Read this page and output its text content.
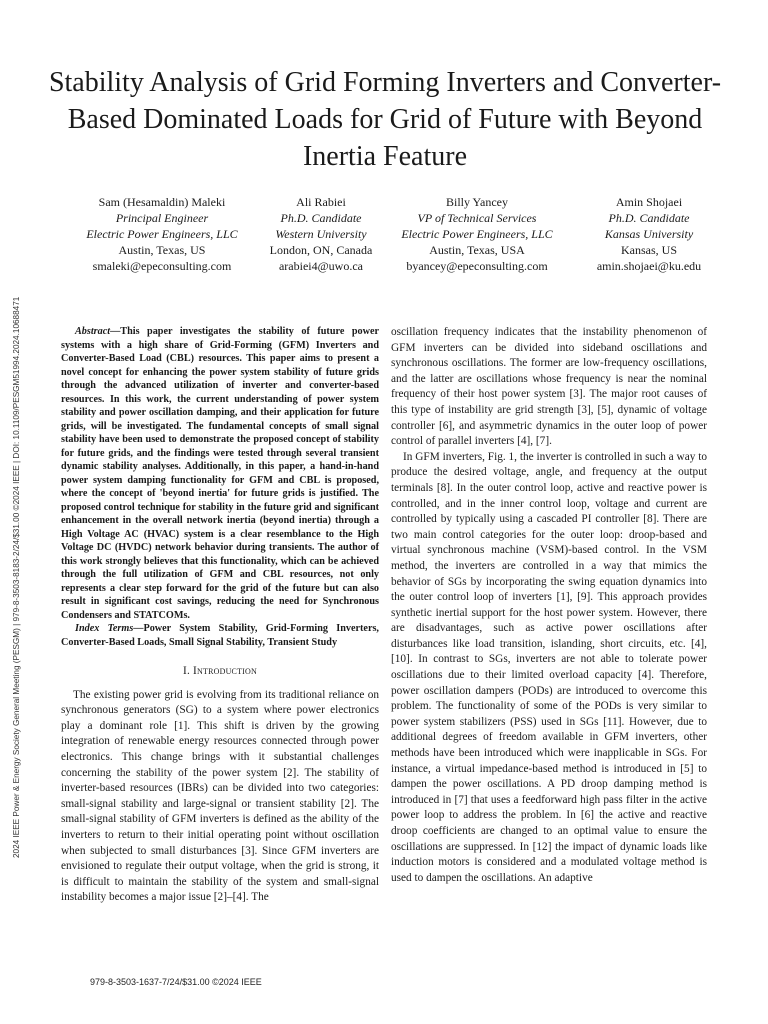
Stability Analysis of Grid Forming Inverters and Converter-Based Dominated Loads for Grid of Future with Beyond Inertia Feature
Sam (Hesamaldin) Maleki
Principal Engineer
Electric Power Engineers, LLC
Austin, Texas, US
smaleki@epeconsulting.com
Ali Rabiei
Ph.D. Candidate
Western University
London, ON, Canada
arabiei4@uwo.ca
Billy Yancey
VP of Technical Services
Electric Power Engineers, LLC
Austin, Texas, USA
byancey@epeconsulting.com
Amin Shojaei
Ph.D. Candidate
Kansas University
Kansas, US
amin.shojaei@ku.edu
2024 IEEE Power & Energy Society General Meeting (PESGM) | 979-8-3503-8183-2/24/$31.00 ©2024 IEEE | DOI: 10.1109/PESGM51994.2024.10688471	Abstract—This paper investigates the stability of future power systems with a high share of Grid-Forming (GFM) Inverters and Converter-Based Load (CBL) resources. This paper aims to present a novel concept for enhancing the power system stability of future grids through the advanced utilization of inverter and converter-based resources. In this work, the current understanding of power system stability and power oscillation damping, and their application for future grids, will be investigated. The fundamental concepts of small signal stability have been used to demonstrate the proposed concept of stability for future grids, and the findings were tested through several transient dynamic stability analyses. Additionally, in this paper, a hand-in-hand power system damping functionality for GFM and CBL is proposed, where the concept of 'beyond inertia' for future grids is justified. The proposed control technique for stability in the future grid and significant enhancement in the overall network inertia (beyond inertia) through a High Voltage AC (HVAC) system is a clear resemblance to the High Voltage DC (HVDC) network behavior during transients. The author of this work strongly believes that this functionality, which can be achieved through the full utilization of GFM and CBL resources, not only represents a clear step forward for the grid of the future but can also result in significant cost savings, reducing the need for Synchronous Condensers and STATCOMs.

Index Terms—Power System Stability, Grid-Forming Inverters, Converter-Based Loads, Small Signal Stability, Transient Study

I. Introduction

The existing power grid is evolving from its traditional reliance on synchronous generators (SG) to a system where power electronics play a dominant role [1]. This shift is driven by the growing integration of renewable energy resources connected through power electronics. This change brings with it substantial challenges concerning the stability of the power system [2]. The stability of inverter-based resources (IBRs) can be divided into two categories: small-signal stability and large-signal or transient stability [2]. The small-signal stability of GFM inverters is defined as the ability of the inverters to return to their initial operating point without oscillation when subjected to small disturbances [3]. Since GFM inverters are envisioned to regulate their output voltage, when the grid is strong, it is difficult to maintain the stability of the system and small-signal instability becomes a major issue [2]–[4]. The

oscillation frequency indicates that the instability phenomenon of GFM inverters can be divided into sideband oscillations and synchronous oscillations. The former are low-frequency oscillations, and the latter are oscillations whose frequency is near the nominal frequency of their host power system [3]. The major root causes of this type of instability are grid strength [3], [5], dynamic of voltage controller [6], and asymmetric dynamics in the outer loop of power control of parallel inverters [4], [7].

In GFM inverters, Fig. 1, the inverter is controlled in such a way to produce the desired voltage, angle, and frequency at the output terminals [8]. In the outer control loop, active and reactive power is controlled, and in the inner control loop, voltage and current are controlled by typically using a cascaded PI controller [8]. There are two main control categories for the outer loop: droop-based and virtual synchronous machine (VSM)-based control. In the VSM method, the inverters are controlled in a way that mimics the behavior of SGs by incorporating the swing equation dynamics into the outer control loop of inverters [1], [9]. This approach provides synthetic inertial support for the host power system. However, there are disadvantages, such as active power oscillations after disturbances like load transition, islanding, short circuits, etc. [4], [10]. In contrast to SGs, inverters are not able to tolerate power oscillations due to their limited overload capacity [4]. Therefore, power oscillation dampers (PODs) are introduced to overcome this problem. The functionality of some of the PODs is very similar to power system stabilizers (PSS) used in SGs [11]. However, due to additional degrees of freedom available in GFM inverters, other methods have been introduced which were inapplicable in SGs. For instance, a virtual impedance-based method is introduced in [5] to dampen the power oscillations. A PD droop damping method is introduced in [7] that uses a feedforward high pass filter in the active power loop to address the problem. In [6] the active and reactive droop coefficients are changed to an optimal value to ensure the oscillations are suppressed. In [12] the impact of dynamic loads like induction motors is considered and a modulated voltage method is used to dampen the oscillations. An adaptive

979-8-3503-1637-7/24/$31.00 ©2024 IEEE
